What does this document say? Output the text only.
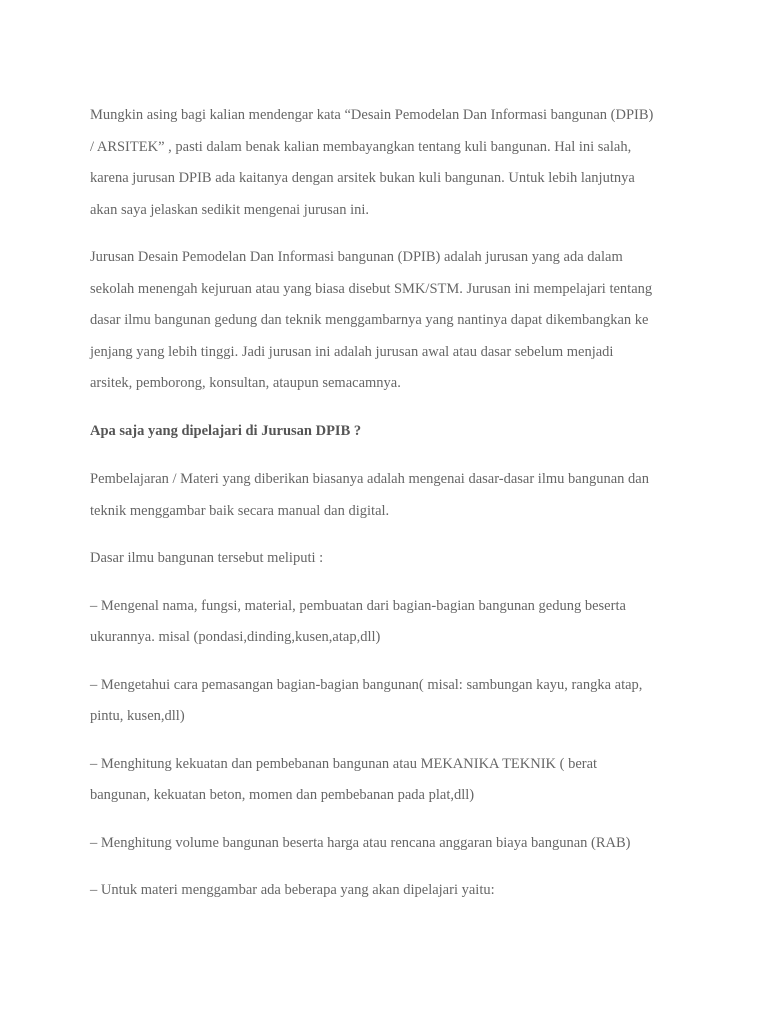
Mungkin asing bagi kalian mendengar kata “Desain Pemodelan Dan Informasi bangunan (DPIB)
/ ARSITEK” , pasti dalam benak kalian membayangkan tentang kuli bangunan. Hal ini salah,
karena jurusan DPIB ada kaitanya dengan arsitek bukan kuli bangunan. Untuk lebih lanjutnya
akan saya jelaskan sedikit mengenai jurusan ini.

Jurusan Desain Pemodelan Dan Informasi bangunan (DPIB) adalah jurusan yang ada dalam
sekolah menengah kejuruan atau yang biasa disebut SMK/STM. Jurusan ini mempelajari tentang
dasar ilmu bangunan gedung dan teknik menggambarnya yang nantinya dapat dikembangkan ke
jenjang yang lebih tinggi. Jadi jurusan ini adalah jurusan awal atau dasar sebelum menjadi
arsitek, pemborong, konsultan, ataupun semacamnya.

Apa saja yang dipelajari di Jurusan DPIB ?

Pembelajaran / Materi yang diberikan biasanya adalah mengenai dasar-dasar ilmu bangunan dan
teknik menggambar baik secara manual dan digital.

Dasar ilmu bangunan tersebut meliputi :

– Mengenal nama, fungsi, material, pembuatan dari bagian-bagian bangunan gedung beserta
ukurannya. misal (pondasi,dinding,kusen,atap,dll)

– Mengetahui cara pemasangan bagian-bagian bangunan( misal: sambungan kayu, rangka atap,
pintu, kusen,dll)

– Menghitung kekuatan dan pembebanan bangunan atau MEKANIKA TEKNIK ( berat
bangunan, kekuatan beton, momen dan pembebanan pada plat,dll)

– Menghitung volume bangunan beserta harga atau rencana anggaran biaya bangunan (RAB)

– Untuk materi menggambar ada beberapa yang akan dipelajari yaitu:
